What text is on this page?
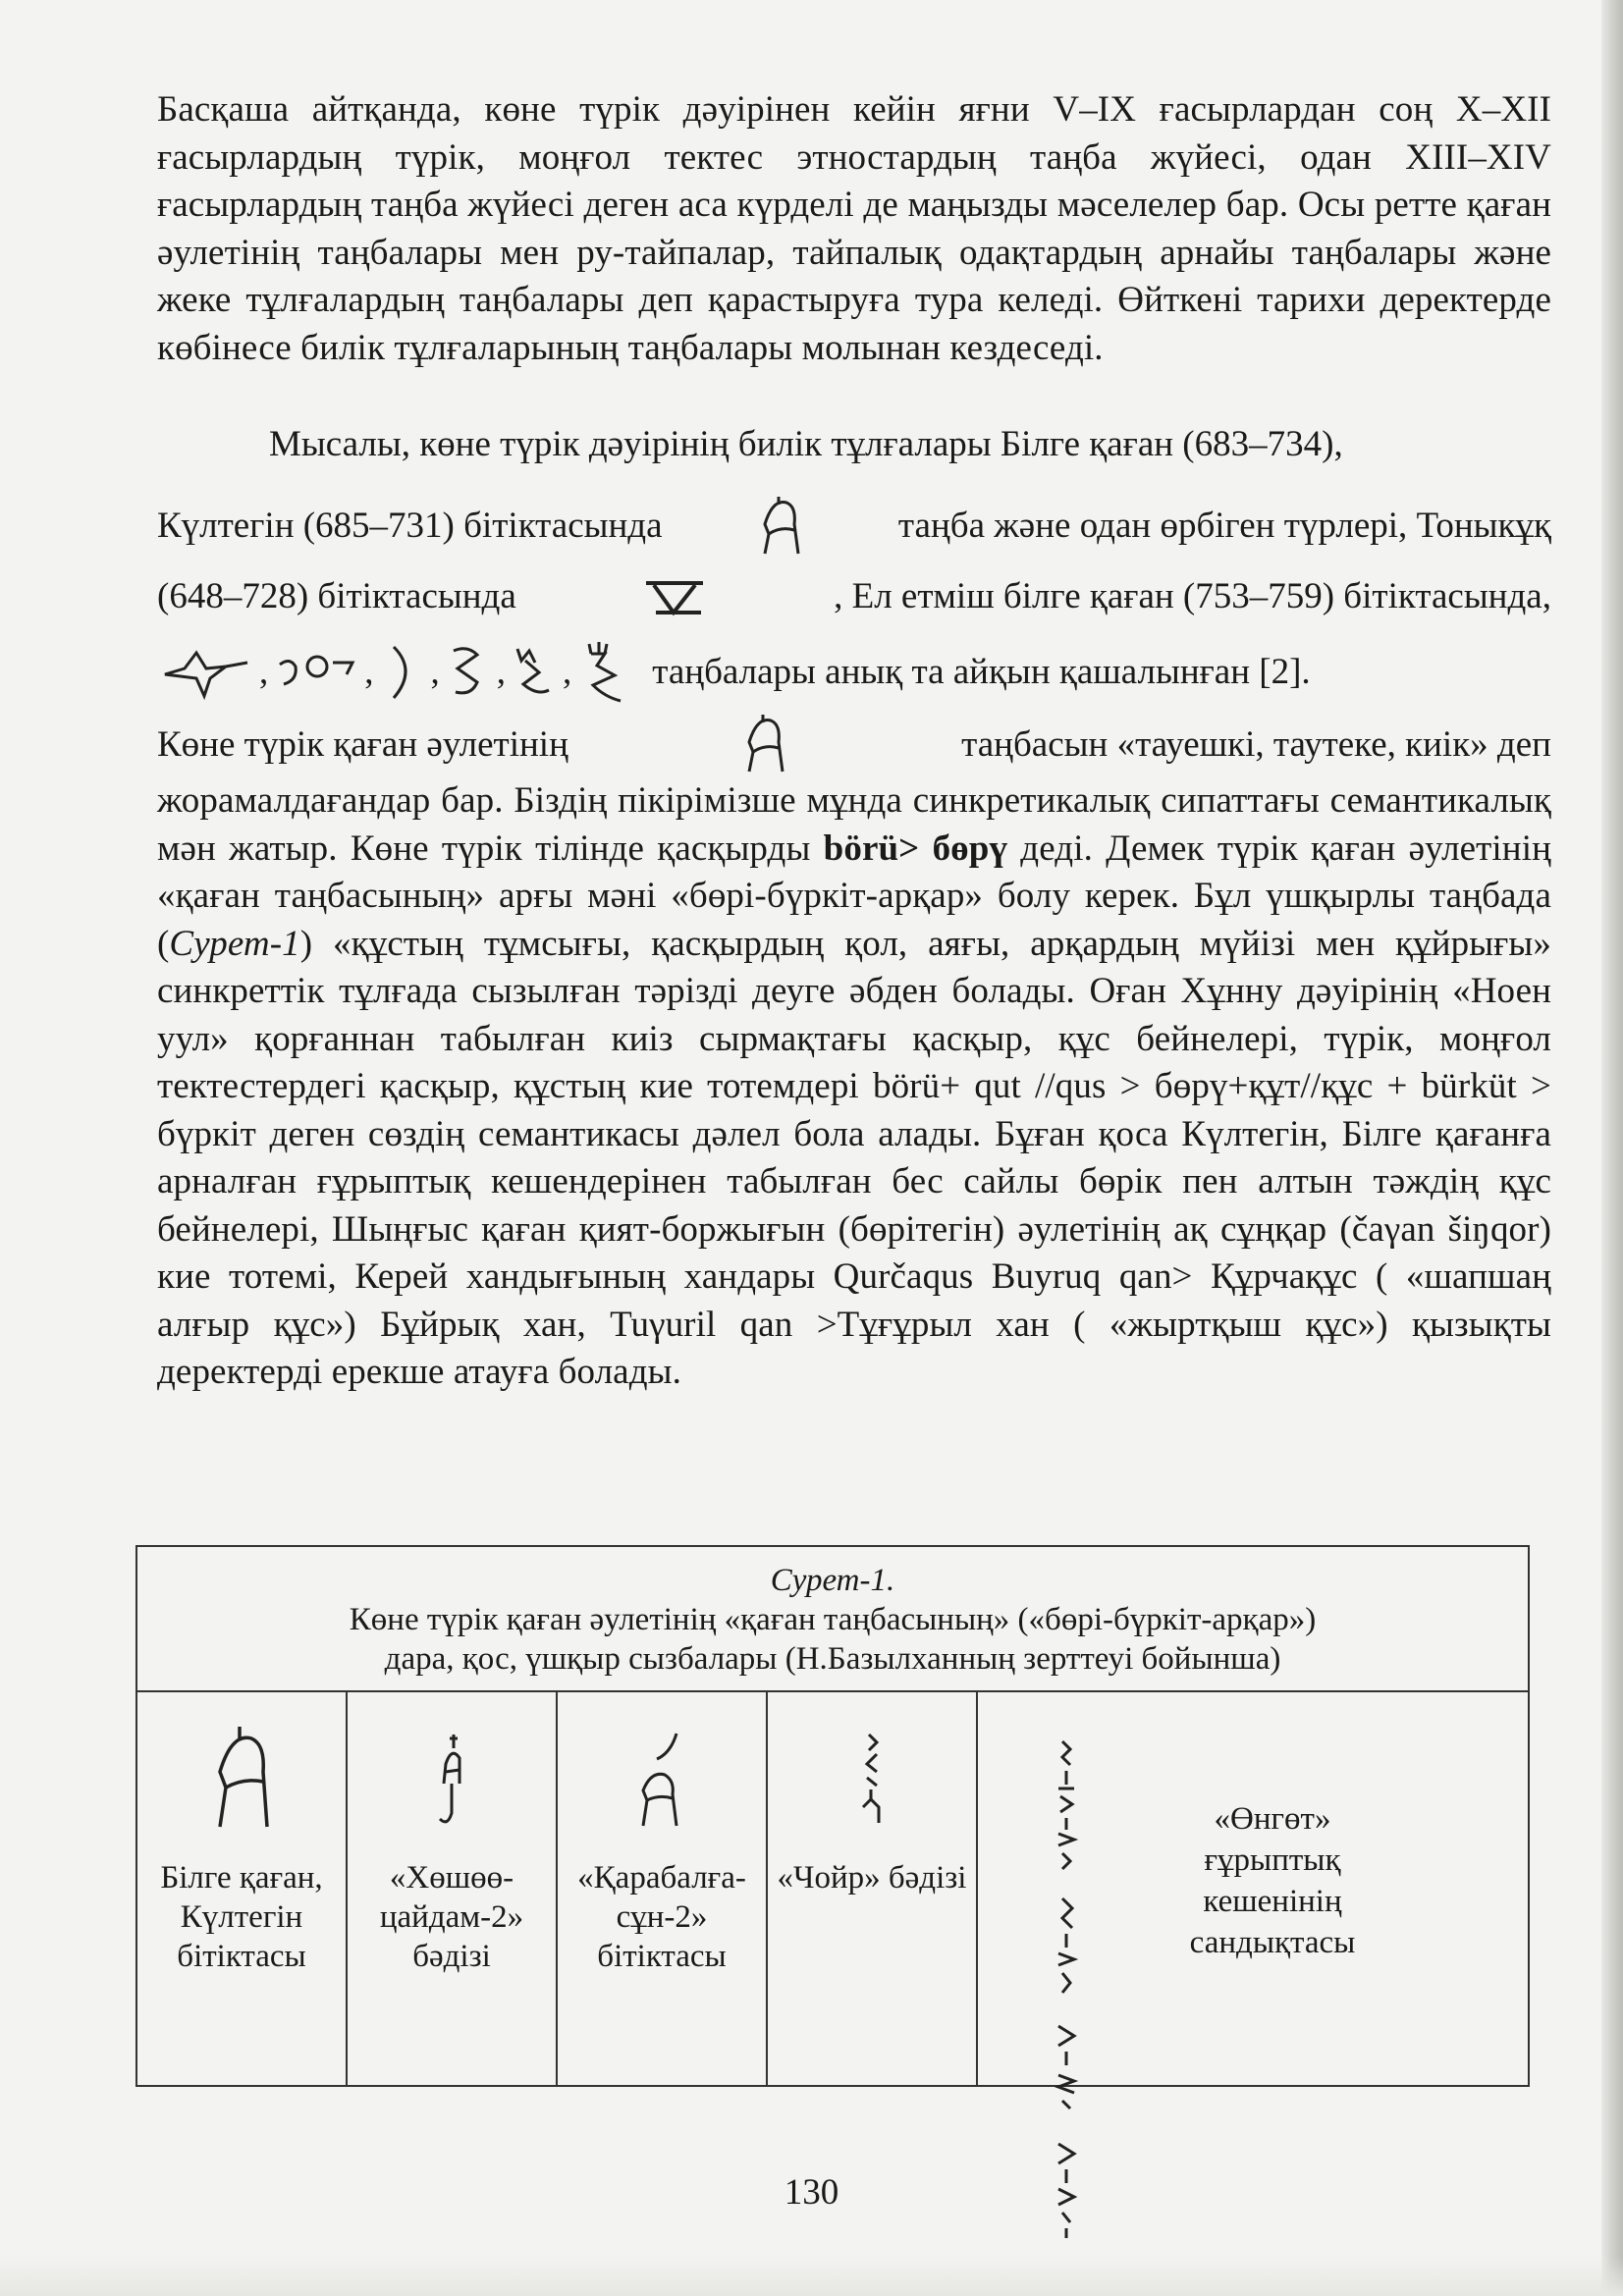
Басқаша айтқанда, көне түрік дәуірінен кейін яғни V–IX ғасырлардан соң X–XII ғасырлардың түрік, моңғол тектес этностардың таңба жүйесі, одан XIII–XIV ғасырлардың таңба жүйесі деген аса күрделі де маңызды мәселелер бар. Осы ретте қаған әулетінің таңбалары мен ру-тайпалар, тайпалық одақтардың арнайы таңбалары және жеке тұлғалардың таңбалары деп қарастыруға тура келеді. Өйткені тарихи деректерде көбінесе билік тұлғаларының таңбалары молынан кездеседі.

Мысалы, көне түрік дәуірінің билік тұлғалары Білге қаған (683–734),
Күлтегін (685–731) бітіктасында	таңба және одан өрбіген түрлері, Тоныкұқ
(648–728) бітіктасында	, Ел етміш білге қаған (753–759) бітіктасында,
,	, , , , таңбалары анық та айқын қашалынған [2].
Көне түрік қаған әулетінің	таңбасын «тауешкі, таутеке, киік» деп

жорамалдағандар бар. Біздің пікірімізше мұнда синкретикалық сипаттағы семантикалық мән жатыр. Көне түрік тілінде қасқырды börü> бөрү деді. Демек түрік қаған әулетінің «қаған таңбасының» арғы мәні «бөрі-бүркіт-арқар» болу керек. Бұл үшқырлы таңбада (Сурет-1) «құстың тұмсығы, қасқырдың қол, аяғы, арқардың мүйізі мен құйрығы» синкреттік тұлғада сызылған тәрізді деуге әбден болады. Оған Хұнну дәуірінің «Ноен уул» қорғаннан табылған киіз сырмақтағы қасқыр, құс бейнелері, түрік, моңғол тектестердегі қасқыр, құстың кие тотемдері börü+ qut //qus > бөрү+құт//құс + bürküt > бүркіт деген сөздің семантикасы дәлел бола алады. Бұған қоса Күлтегін, Білге қағанға арналған ғұрыптық кешендерінен табылған бес сайлы бөрік пен алтын тәждің құс бейнелері, Шыңғыс қаған қият-боржығын (бөрітегін) әулетінің ақ сұңқар (čaγan šiŋqor) кие тотемі, Керей хандығының хандары Qurčaqus Buyruq qan> Құрчақұс ( «шапшаң алғыр құс») Бұйрық хан, Tuγuril qan >Тұғұрыл хан ( «жыртқыш құс») қызықты деректерді ерекше атауға болады.

Сурет-1.
Көне түрік қаған әулетінің «қаған таңбасының» («бөрі-бүркіт-арқар»)
дара, қос, үшқыр сызбалары (Н.Базылханның зерттеуі бойынша)

Білге қаған, Күлтегін бітіктасы

«Хөшөө-цайдам-2» бәдізі

«Қарабалға-сұн-2» бітіктасы

«Чойр» бәдізі

«Өнгөт» ғұрыптық кешенінің сандықтасы
130
